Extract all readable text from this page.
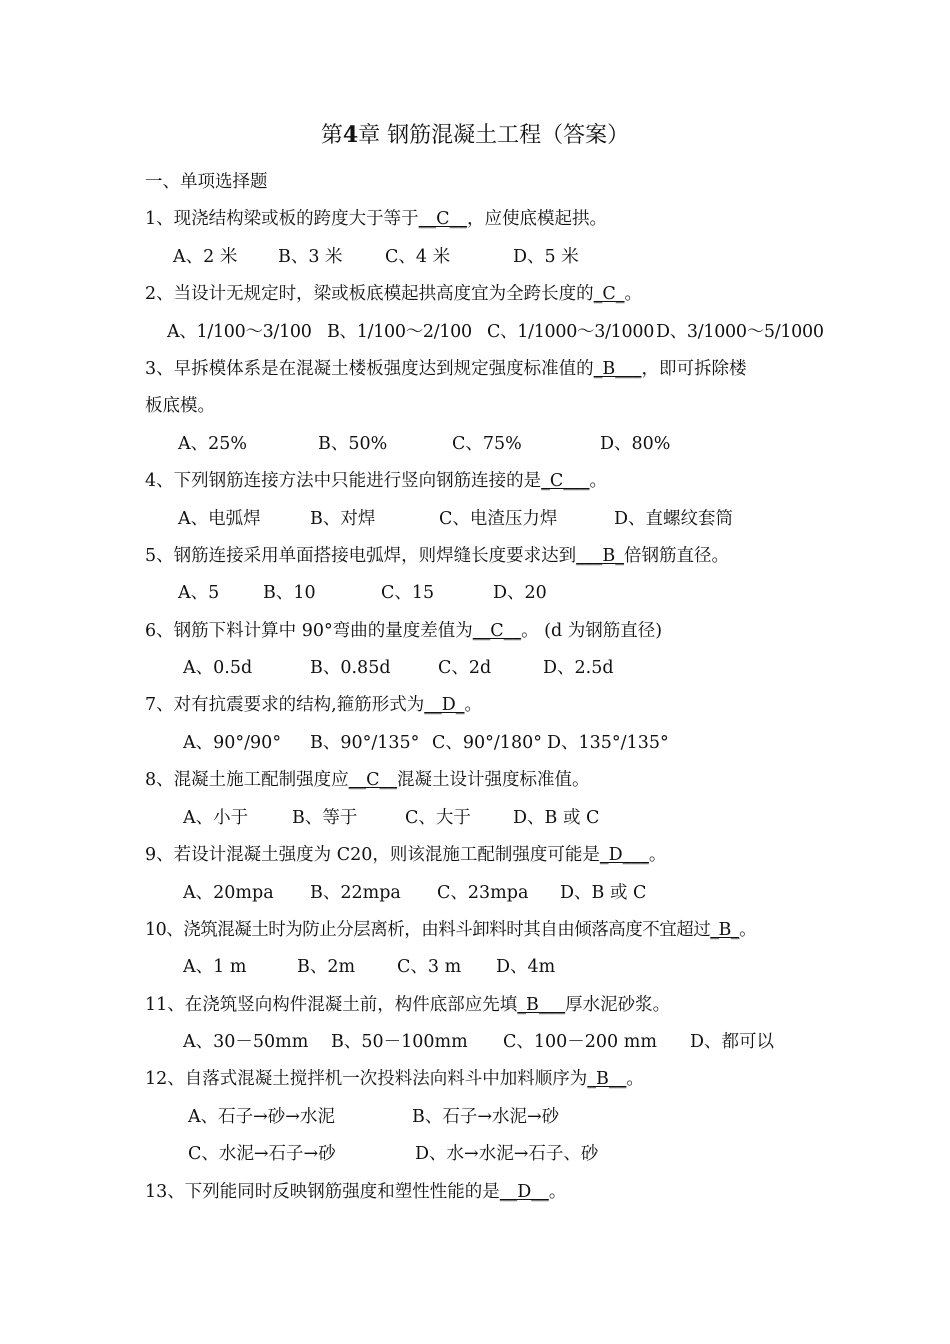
第4章 钢筋混凝土工程（答案）
一、单项选择题
1、现浇结构梁或板的跨度大于等于__C__，应使底模起拱。
A、2 米 B、3 米 C、4 米	D、5 米
2、当设计无规定时，梁或板底模起拱高度宜为全跨长度的_C_。
A、1/100～3/100 B、1/100～2/100 C、1/1000～3/1000 D、3/1000～5/1000
3、早拆模体系是在混凝土楼板强度达到规定强度标准值的_B___，即可拆除楼
板底模。
A、25%	B、50%	C、75%	D、80%
4、下列钢筋连接方法中只能进行竖向钢筋连接的是_C___。
A、电弧焊	B、对焊	C、电渣压力焊	D、直螺纹套筒
5、钢筋连接采用单面搭接电弧焊，则焊缝长度要求达到___B_倍钢筋直径。
A、5 B、10	C、15	D、20
6、钢筋下料计算中 90°弯曲的量度差值为__C__。 (d 为钢筋直径)
A、0.5d	B、0.85d	C、2d	D、2.5d
7、对有抗震要求的结构,箍筋形式为__D_。
A、90°/90° B、90°/135° C、90°/180° D、135°/135°
8、混凝土施工配制强度应__C__混凝土设计强度标准值。
A、小于	B、等于	C、大于 D、B 或 C
9、若设计混凝土强度为 C20，则该混施工配制强度可能是_D___。
A、20mpa B、22mpa C、23mpa D、B 或 C
10、浇筑混凝土时为防止分层离析，由料斗卸料时其自由倾落高度不宜超过_B_。
A、1 m	B、2m C、3 m D、4m
11、在浇筑竖向构件混凝土前，构件底部应先填_B___厚水泥砂浆。
A、30－50mm B、50－100mm C、100－200 mm D、都可以
12、自落式混凝土搅拌机一次投料法向料斗中加料顺序为_B__。
A、石子→砂→水泥	B、石子→水泥→砂
C、水泥→石子→砂	D、水→水泥→石子、砂
13、下列能同时反映钢筋强度和塑性性能的是__D__。
